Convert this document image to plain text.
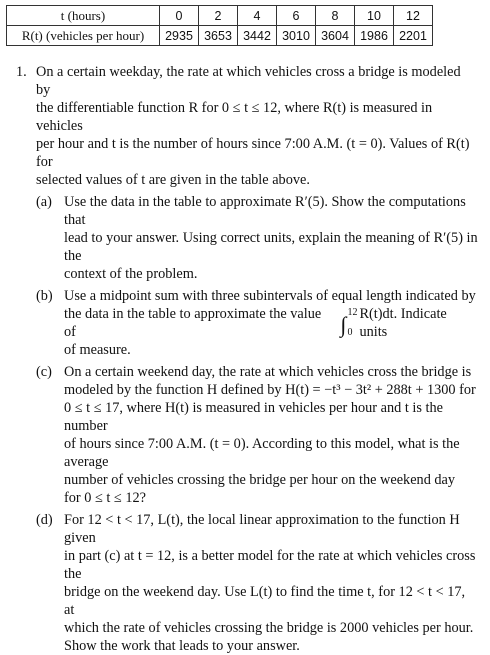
t (hours)	0	2	4	6	8	10	12
R(t) (vehicles per hour)	2935	3653	3442	3010	3604	1986	2201
1. On a certain weekday, the rate at which vehicles cross a bridge is modeled by
the differentiable function R for 0 ≤ t ≤ 12, where R(t) is measured in vehicles
per hour and t is the number of hours since 7:00 A.M. (t = 0). Values of R(t) for
selected values of t are given in the table above.
(a) Use the data in the table to approximate R′(5). Show the computations that
lead to your answer. Using correct units, explain the meaning of R′(5) in the
context of the problem.
(b) Use a midpoint sum with three subintervals of equal length indicated by
the data in the table to approximate the value of	∫ 12
0
R(t)dt. Indicate units
of measure.
(c) On a certain weekend day, the rate at which vehicles cross the bridge is
modeled by the function H defined by H(t) = −t³ − 3t² + 288t + 1300 for
0 ≤ t ≤ 17, where H(t) is measured in vehicles per hour and t is the number
of hours since 7:00 A.M. (t = 0). According to this model, what is the average
number of vehicles crossing the bridge per hour on the weekend day
for 0 ≤ t ≤ 12?
(d) For 12 < t < 17, L(t), the local linear approximation to the function H given
in part (c) at t = 12, is a better model for the rate at which vehicles cross the
bridge on the weekend day. Use L(t) to find the time t, for 12 < t < 17, at
which the rate of vehicles crossing the bridge is 2000 vehicles per hour.
Show the work that leads to your answer.
